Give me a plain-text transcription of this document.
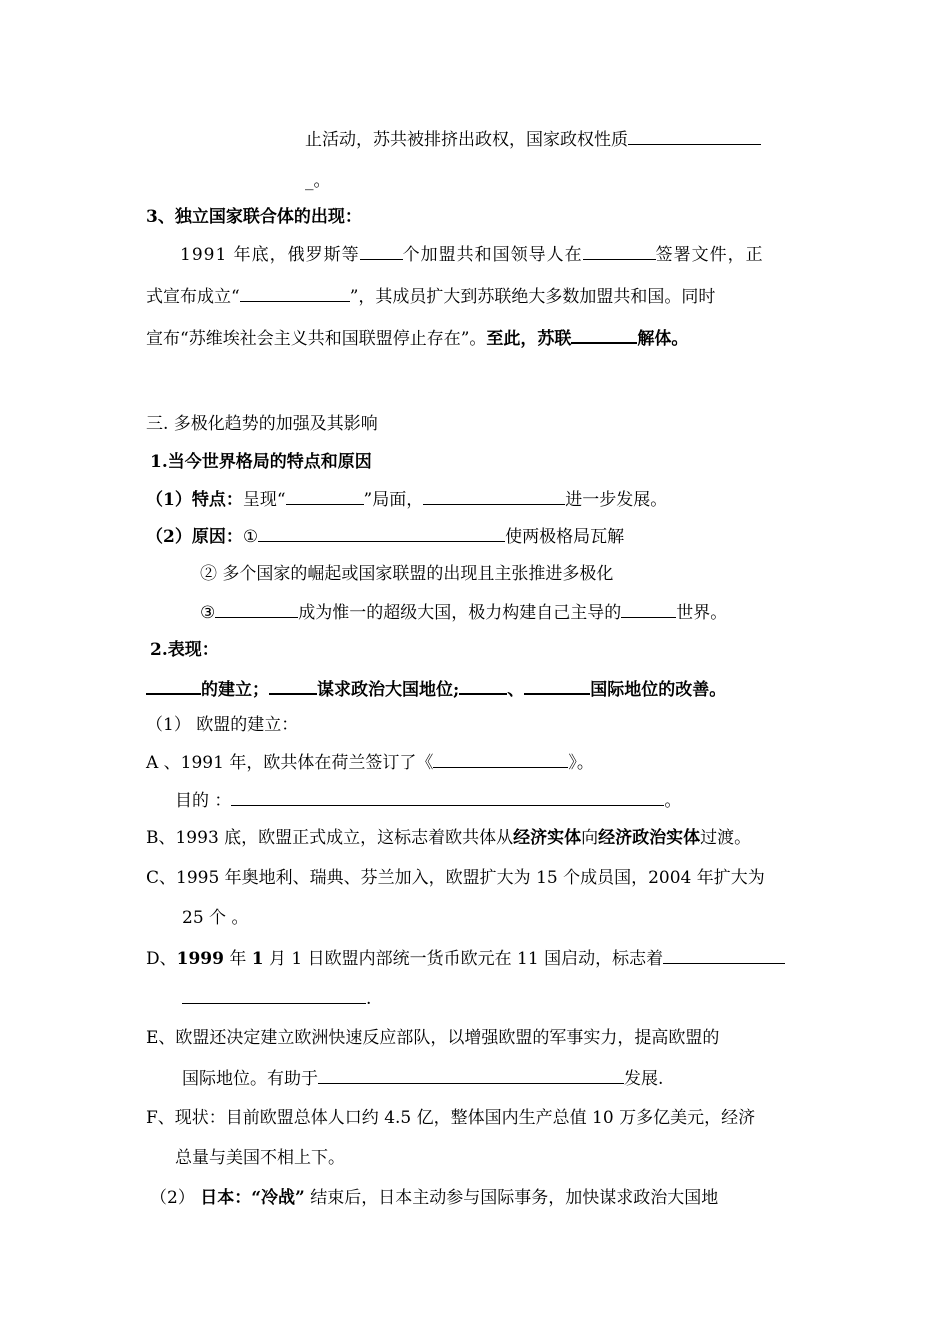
止活动，苏共被排挤出政权，国家政权性质
_。
3、独立国家联合体的出现：
1991 年底，俄罗斯等	个加盟共和国领导人在	签署文件，正
式宣布成立“	”，其成员扩大到苏联绝大多数加盟共和国。同时
宣布“苏维埃社会主义共和国联盟停止存在”。至此，苏联	解体。
三. 多极化趋势的加强及其影响
1.当今世界格局的特点和原因
（1）特点：呈现“	”局面，	进一步发展。
（2）原因：①	使两极格局瓦解
② 多个国家的崛起或国家联盟的出现且主张推进多极化
③	成为惟一的超级大国，极力构建自己主导的	世界。
2.表现：
的建立；	谋求政治大国地位;	、	国际地位的改善。
（1） 欧盟的建立：
A 、1991 年，欧共体在荷兰签订了《	》。
目的 ：	。
B、1993 底，欧盟正式成立，这标志着欧共体从经济实体向经济政治实体过渡。
C、1995 年奥地利、瑞典、芬兰加入，欧盟扩大为 15 个成员国，2004 年扩大为
25 个 。
D、1999 年 1 月 1 日欧盟内部统一货币欧元在 11 国启动，标志着
.
E、欧盟还决定建立欧洲快速反应部队，以增强欧盟的军事实力，提高欧盟的
国际地位。有助于	发展.
F、现状：目前欧盟总体人口约 4.5 亿，整体国内生产总值 10 万多亿美元，经济
总量与美国不相上下。
（2） 日本：“冷战” 结束后，日本主动参与国际事务，加快谋求政治大国地
